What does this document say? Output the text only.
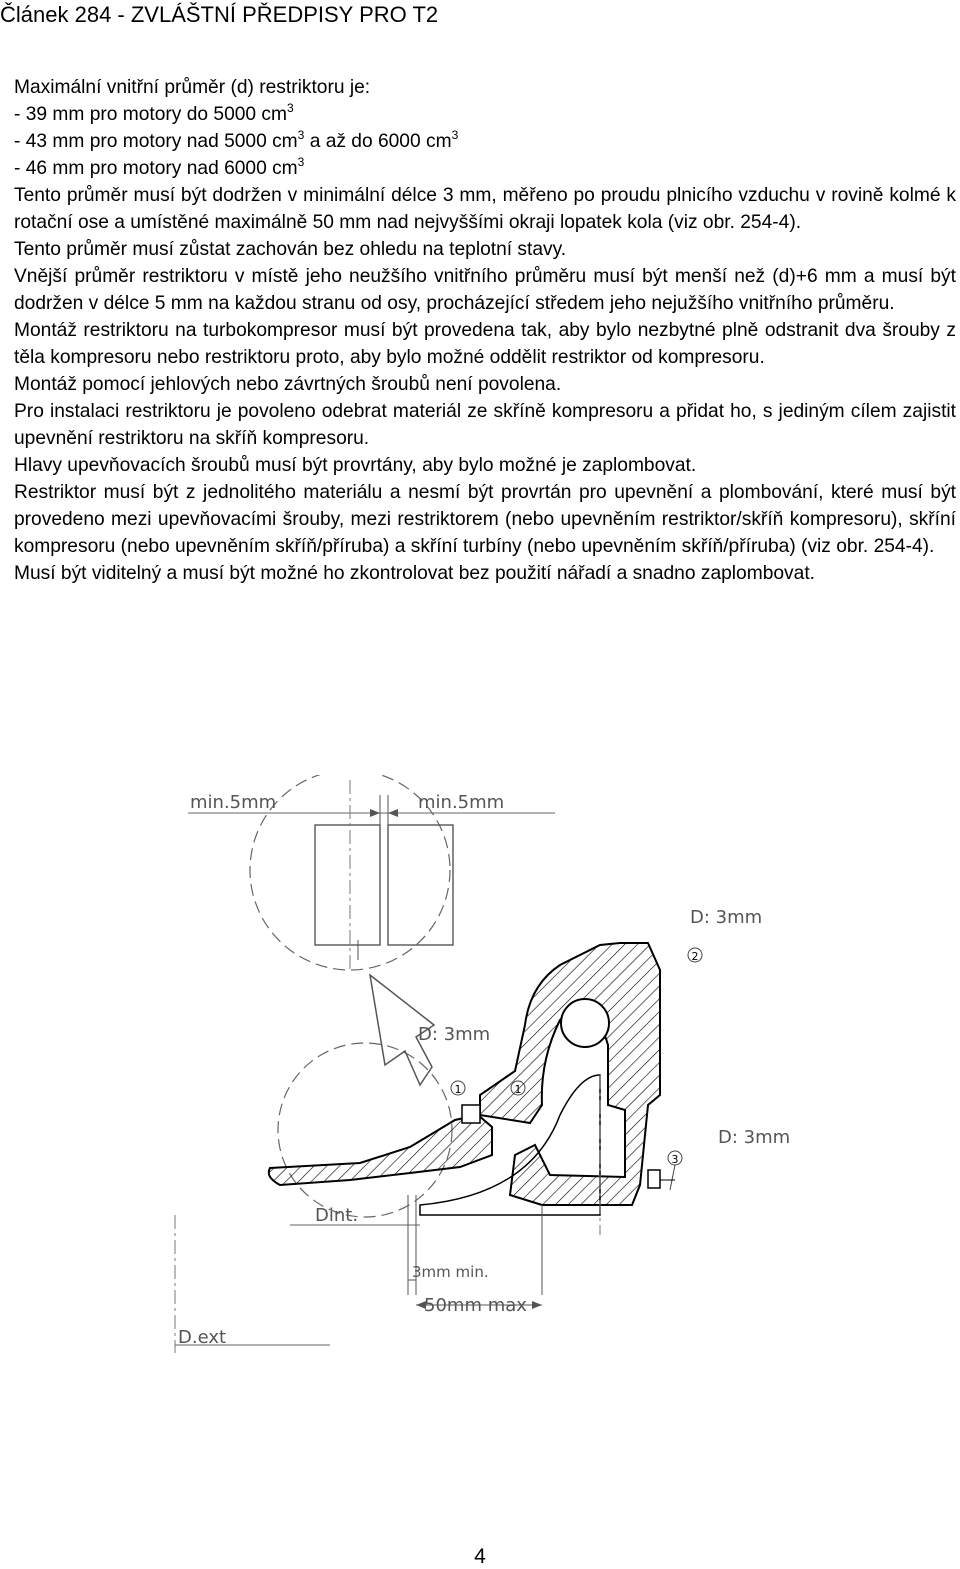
Článek 284 - ZVLÁŠTNÍ PŘEDPISY PRO T2

Maximální vnitřní průměr (d) restriktoru je:

- 39 mm pro motory do 5000 $cm^3$

- 43 mm pro motory nad 5000 $cm^3$ a až do 6000 $cm^3$

- 46 mm pro motory nad 6000 $cm^3$

Tento průměr musí být dodržen v minimální délce 3 mm, měřeno po proudu plnicího vzduchu v rovině kolmé k rotační ose a umístěné maximálně 50 mm nad nejvyššími okraji lopatek kola (viz obr. 254-4).

Tento průměr musí zůstat zachován bez ohledu na teplotní stavy.

Vnější průměr restriktoru v místě jeho neužšího vnitřního průměru musí být menší než (d)+6 mm a musí být dodržen v délce 5 mm na každou stranu od osy, procházející středem jeho nejužšího vnitřního průměru.

Montáž restriktoru na turbokompresor musí být provedena tak, aby bylo nezbytné plně odstranit dva šrouby z těla kompresoru nebo restriktoru proto, aby bylo možné oddělit restriktor od kompresoru.

Montáž pomocí jehlových nebo závrtných šroubů není povolena.

Pro instalaci restriktoru je povoleno odebrat materiál ze skříně kompresoru a přidat ho, s jediným cílem zajistit upevnění restriktoru na skříň kompresoru.

Hlavy upevňovacích šroubů musí být provrtány, aby bylo možné je zaplombovat.

Restriktor musí být z jednolitého materiálu a nesmí být provrtán pro upevnění a plombování, které musí být provedeno mezi upevňovacími šrouby, mezi restriktorem (nebo upevněním restriktor/skříň kompresoru), skříní kompresoru (nebo upevněním skříň/příruba) a skříní turbíny (nebo upevněním skříň/příruba) (viz obr. 254-4).

Musí být viditelný a musí být možné ho zkontrolovat bez použití nářadí a snadno zaplombovat.

min.5mm	min.5mm
D: 3mm
D: 3mm
D: 3mm
1
2
3
Dint.
3mm min.
50mm max
D.ext
4
